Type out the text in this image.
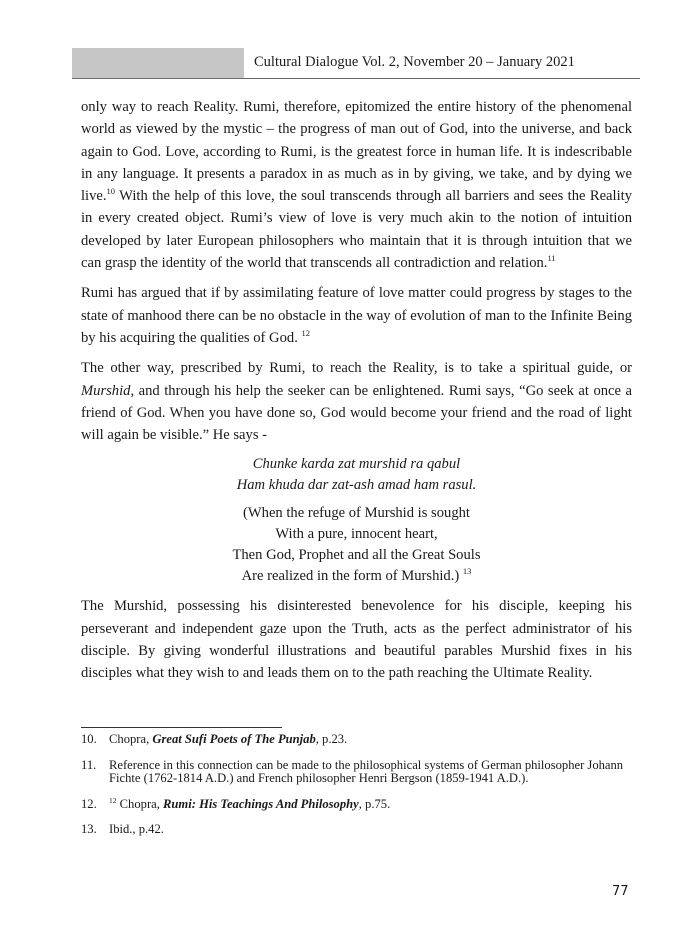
Cultural Dialogue Vol. 2, November 20 – January 2021

only way to reach Reality. Rumi, therefore, epitomized the entire history of the phenomenal world as viewed by the mystic – the progress of man out of God, into the universe, and back again to God. Love, according to Rumi, is the greatest force in human life. It is indescribable in any language. It presents a paradox in as much as in by giving, we take, and by dying we live.$^{10}$ With the help of this love, the soul transcends through all barriers and sees the Reality in every created object. Rumi’s view of love is very much akin to the notion of intuition developed by later European philosophers who maintain that it is through intuition that we can grasp the identity of the world that transcends all contradiction and relation.$^{11}$

Rumi has argued that if by assimilating feature of love matter could progress by stages to the state of manhood there can be no obstacle in the way of evolution of man to the Infinite Being by his acquiring the qualities of God. $^{12}$

The other way, prescribed by Rumi, to reach the Reality, is to take a spiritual guide, or Murshid, and through his help the seeker can be enlightened. Rumi says, “Go seek at once a friend of God. When you have done so, God would become your friend and the road of light will again be visible.” He says -

Chunke karda zat murshid ra qabul
Ham khuda dar zat-ash amad ham rasul.
(When the refuge of Murshid is sought
With a pure, innocent heart,
Then God, Prophet and all the Great Souls
Are realized in the form of Murshid.) $^{13}$

The Murshid, possessing his disinterested benevolence for his disciple, keeping his perseverant and independent gaze upon the Truth, acts as the perfect administrator of his disciple. By giving wonderful illustrations and beautiful parables Murshid fixes in his disciples what they wish to and leads them on to the path reaching the Ultimate Reality.

10. Chopra, Great Sufi Poets of The Punjab, p.23.
11. Reference in this connection can be made to the philosophical systems of German philosopher Johann Fichte (1762-1814 A.D.) and French philosopher Henri Bergson (1859-1941 A.D.).
12. $^{12}$ Chopra, Rumi: His Teachings And Philosophy, p.75.
13. Ibid., p.42.
77
